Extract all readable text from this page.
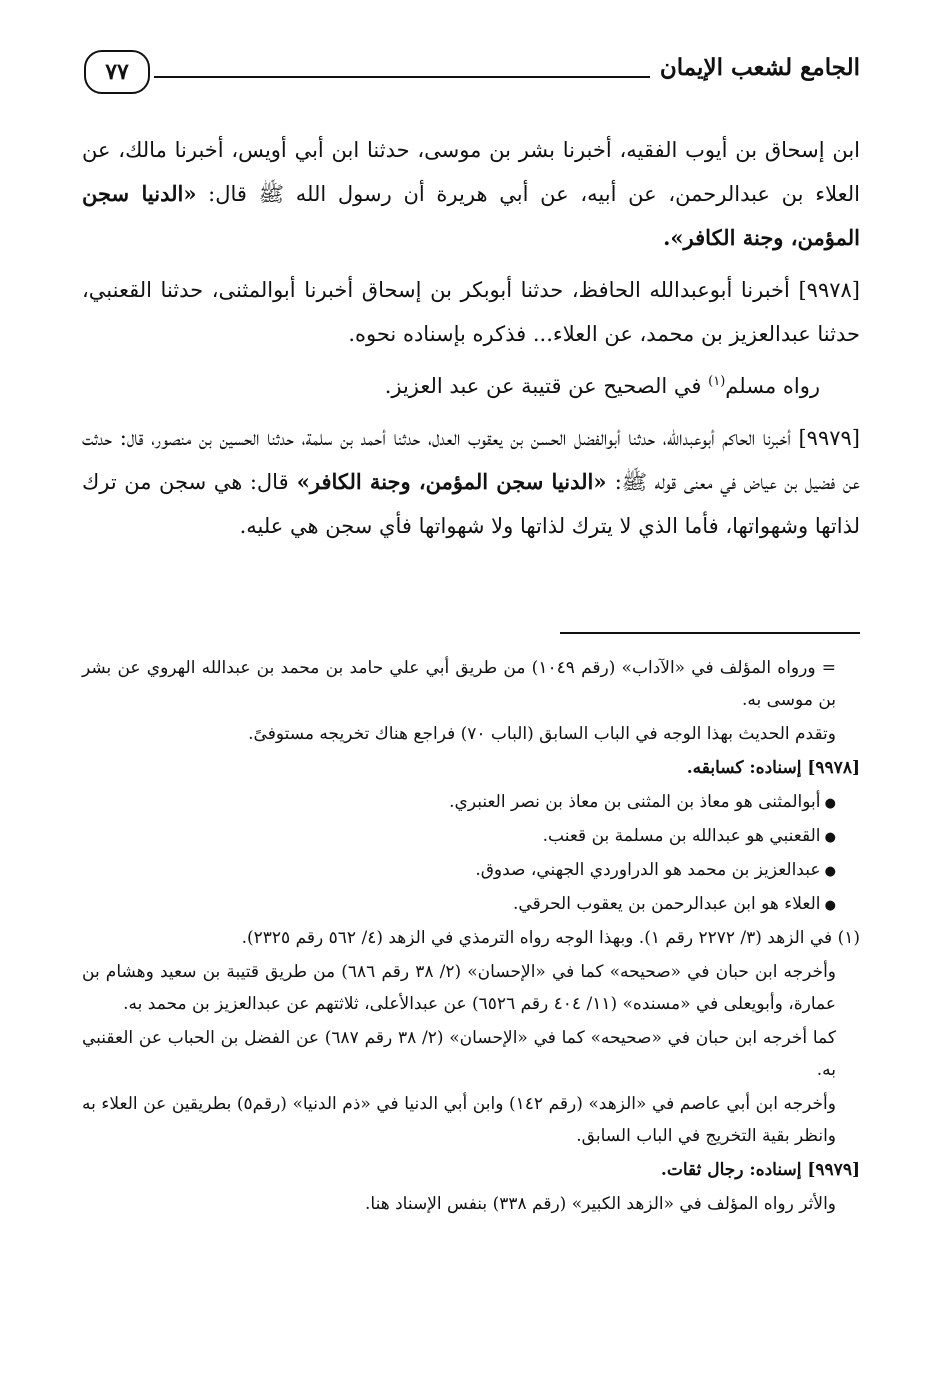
الجامع لشعب الإيمان
٧٧

ابن إسحاق بن أيوب الفقيه، أخبرنا بشر بن موسى، حدثنا ابن أبي أويس، أخبرنا مالك، عن العلاء بن عبدالرحمن، عن أبيه، عن أبي هريرة أن رسول الله ﷺ قال: «الدنيا سجن المؤمن، وجنة الكافر».

[٩٩٧٨] أخبرنا أبوعبدالله الحافظ، حدثنا أبوبكر بن إسحاق أخبرنا أبوالمثنى، حدثنا القعنبي، حدثنا عبدالعزيز بن محمد، عن العلاء... فذكره بإسناده نحوه.

رواه مسلم$^{(١)}$ في الصحيح عن قتيبة عن عبد العزيز.

[٩٩٧٩] أخبرنا الحاكم أبوعبدالله، حدثنا أبوالفضل الحسن بن يعقوب العدل، حدثنا أحمد بن سلمة، حدثنا الحسين بن منصور، قال: حدثت عن فضيل بن عياض في معنى قوله ﷺ: «الدنيا سجن المؤمن، وجنة الكافر» قال: هي سجن من ترك لذاتها وشهواتها، فأما الذي لا يترك لذاتها ولا شهواتها فأي سجن هي عليه.

= ورواه المؤلف في «الآداب» (رقم ١٠٤٩) من طريق أبي علي حامد بن محمد بن عبدالله الهروي عن بشر بن موسى به.

وتقدم الحديث بهذا الوجه في الباب السابق (الباب ٧٠) فراجع هناك تخريجه مستوفىً.

[٩٩٧٨] إسناده: كسابقه.

● أبوالمثنى هو معاذ بن المثنى بن معاذ بن نصر العنبري.
● القعنبي هو عبدالله بن مسلمة بن قعنب.
● عبدالعزيز بن محمد هو الدراوردي الجهني، صدوق.
● العلاء هو ابن عبدالرحمن بن يعقوب الحرقي.

(١) في الزهد (٣/ ٢٢٧٢ رقم ١). وبهذا الوجه رواه الترمذي في الزهد (٤/ ٥٦٢ رقم ٢٣٢٥).

وأخرجه ابن حبان في «صحيحه» كما في «الإحسان» (٢/ ٣٨ رقم ٦٨٦) من طريق قتيبة بن سعيد وهشام بن عمارة، وأبويعلى في «مسنده» (١١/ ٤٠٤ رقم ٦٥٢٦) عن عبدالأعلى، ثلاثتهم عن عبدالعزيز بن محمد به.

كما أخرجه ابن حبان في «صحيحه» كما في «الإحسان» (٢/ ٣٨ رقم ٦٨٧) عن الفضل بن الحباب عن العقنبي به.

وأخرجه ابن أبي عاصم في «الزهد» (رقم ١٤٢) وابن أبي الدنيا في «ذم الدنيا» (رقم٥) بطريقين عن العلاء به وانظر بقية التخريج في الباب السابق.

[٩٩٧٩] إسناده: رجال ثقات.

والأثر رواه المؤلف في «الزهد الكبير» (رقم ٣٣٨) بنفس الإسناد هنا.
